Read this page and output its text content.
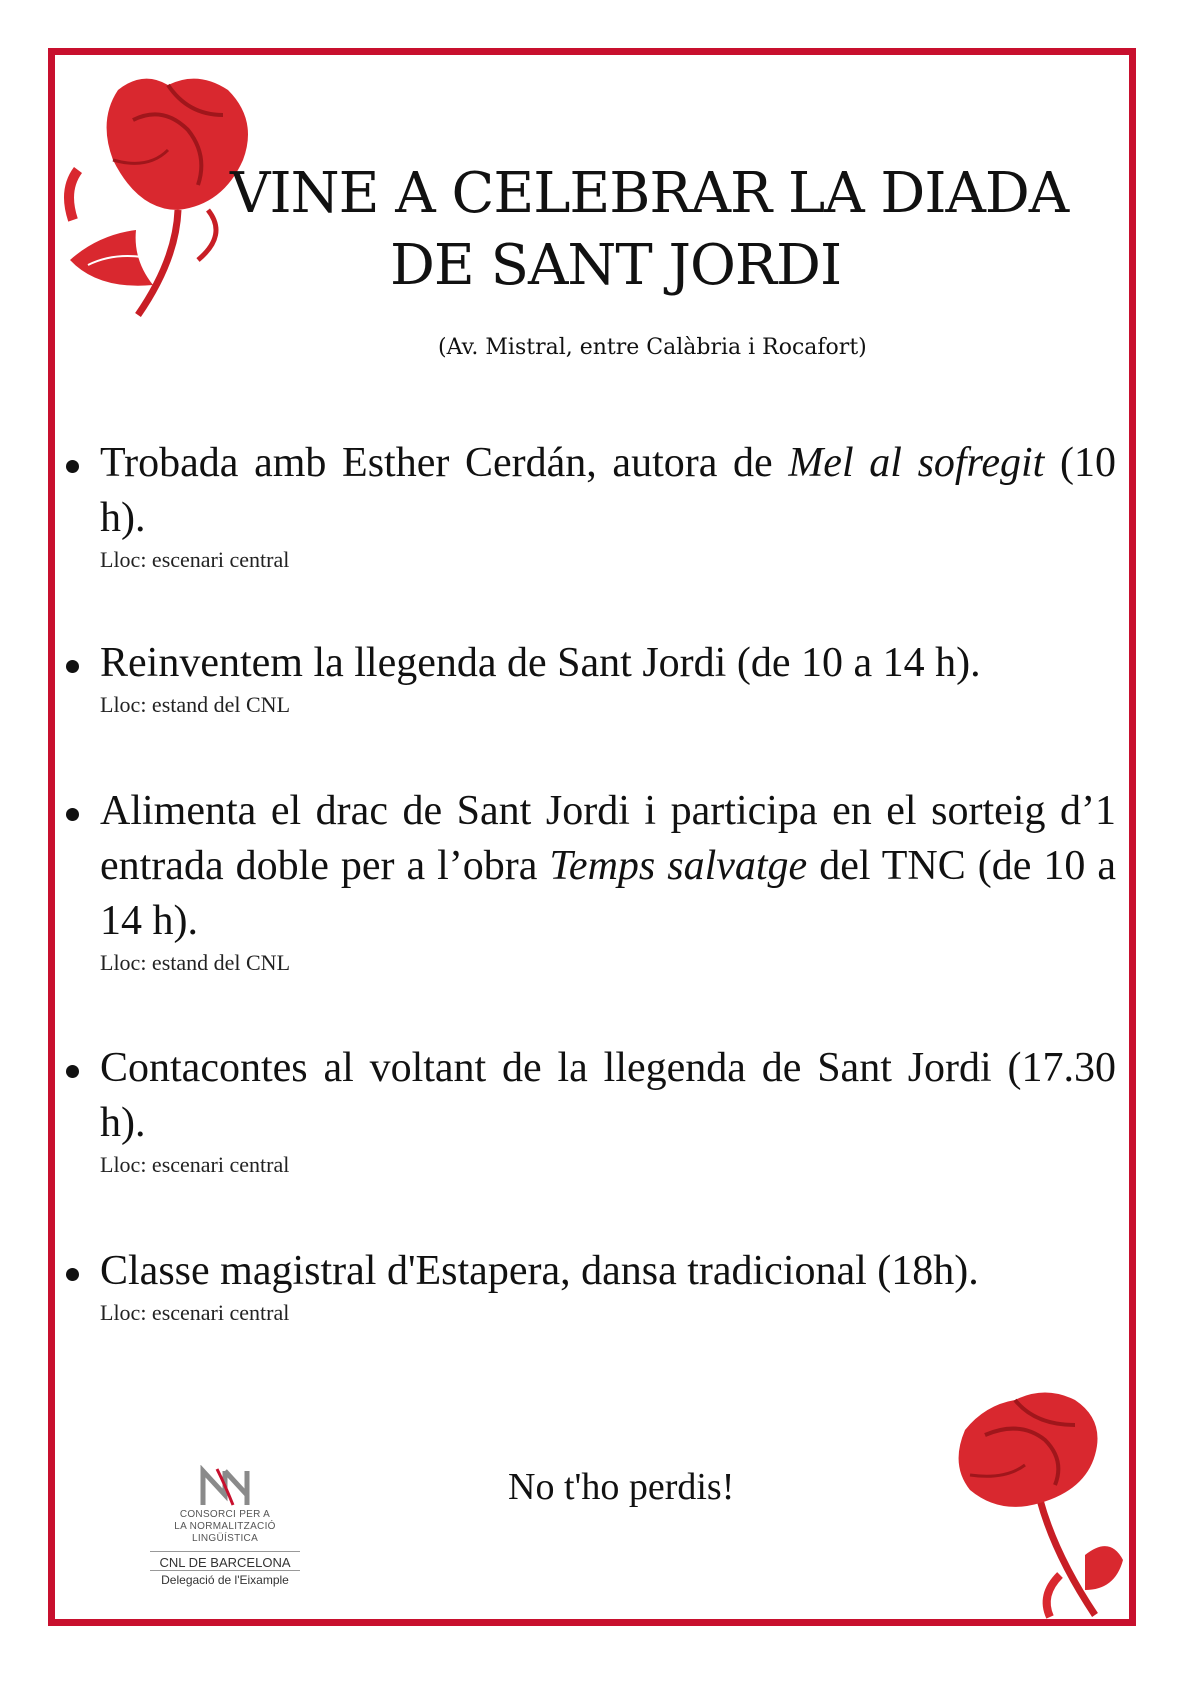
VINE A CELEBRAR LA DIADA
DE SANT JORDI
(Av. Mistral, entre Calàbria i Rocafort)
Trobada amb Esther Cerdán, autora de Mel al sofregit (10 h).
Lloc: escenari central
Reinventem la llegenda de Sant Jordi (de 10 a 14 h).
Lloc: estand del CNL
Alimenta el drac de Sant Jordi i participa en el sorteig d’1 entrada doble per a l’obra Temps salvatge del TNC (de 10 a 14 h).
Lloc: estand del CNL
Contacontes al voltant de la llegenda de Sant Jordi (17.30 h).
Lloc: escenari central
Classe magistral d'Estapera, dansa tradicional (18h).
Lloc: escenari central
No t'ho perdis!
CONSORCI PER A
LA NORMALITZACIÓ
LINGÜÍSTICA
CNL DE BARCELONA
Delegació de l'Eixample
